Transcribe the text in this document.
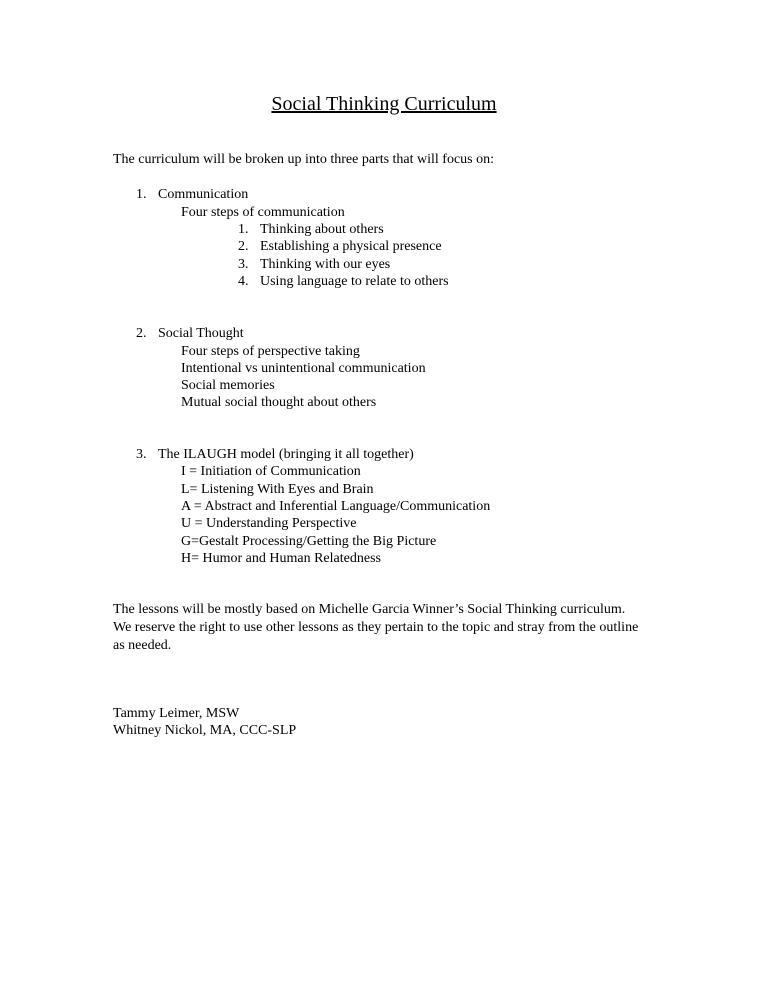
Social Thinking Curriculum
The curriculum will be broken up into three parts that will focus on:
1. Communication
Four steps of communication
1. Thinking about others
2. Establishing a physical presence
3. Thinking with our eyes
4. Using language to relate to others
2. Social Thought
Four steps of perspective taking
Intentional vs unintentional communication
Social memories
Mutual social thought about others
3. The ILAUGH model (bringing it all together)
I = Initiation of Communication
L= Listening With Eyes and Brain
A = Abstract and Inferential Language/Communication
U = Understanding Perspective
G=Gestalt Processing/Getting the Big Picture
H= Humor and Human Relatedness
The lessons will be mostly based on Michelle Garcia Winner’s Social Thinking curriculum. We reserve the right to use other lessons as they pertain to the topic and stray from the outline as needed.
Tammy Leimer, MSW
Whitney Nickol, MA, CCC-SLP
